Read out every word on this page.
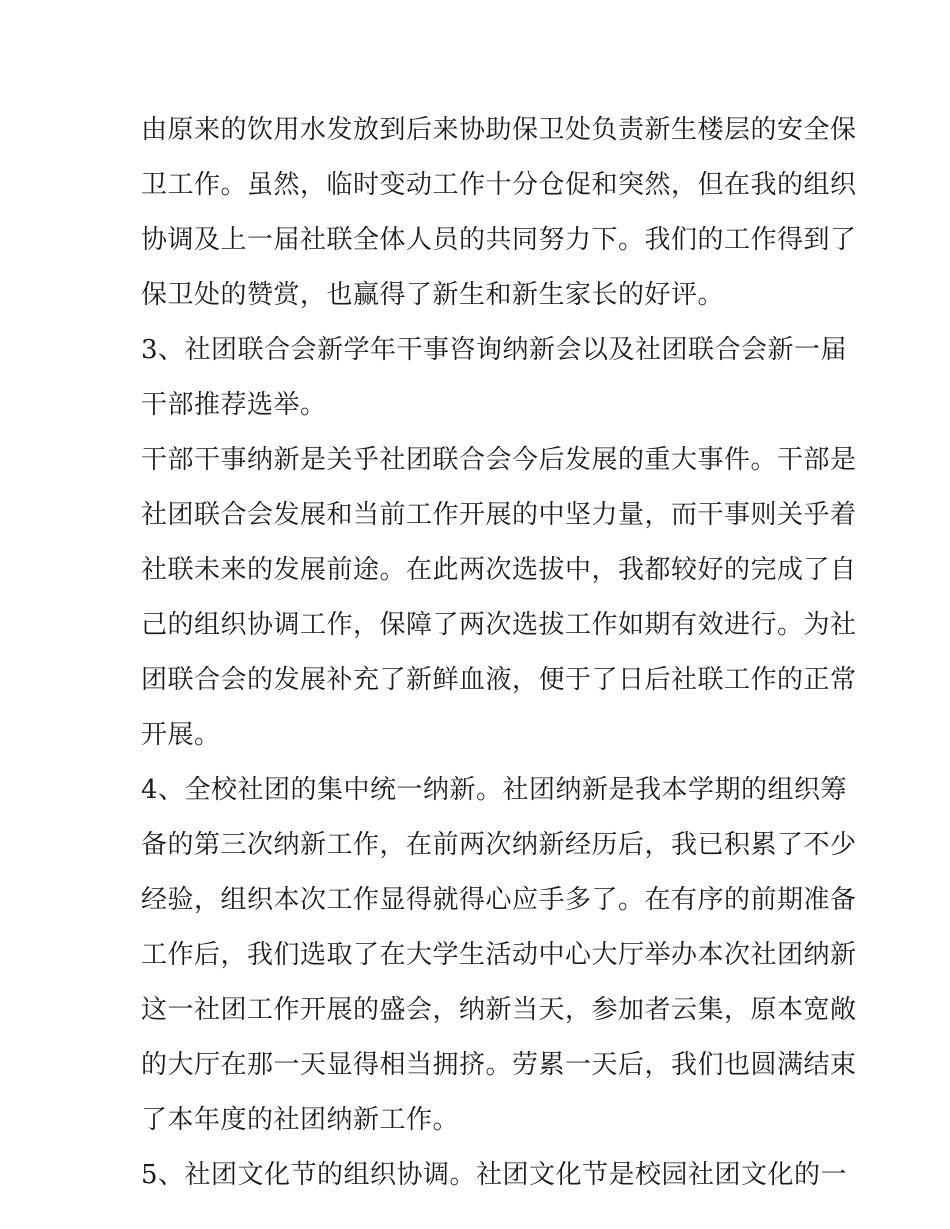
由原来的饮用水发放到后来协助保卫处负责新生楼层的安全保

卫工作。虽然，临时变动工作十分仓促和突然，但在我的组织

协调及上一届社联全体人员的共同努力下。我们的工作得到了

保卫处的赞赏，也赢得了新生和新生家长的好评。

3、社团联合会新学年干事咨询纳新会以及社团联合会新一届

干部推荐选举。

干部干事纳新是关乎社团联合会今后发展的重大事件。干部是

社团联合会发展和当前工作开展的中坚力量，而干事则关乎着

社联未来的发展前途。在此两次选拔中，我都较好的完成了自

己的组织协调工作，保障了两次选拔工作如期有效进行。为社

团联合会的发展补充了新鲜血液，便于了日后社联工作的正常

开展。

4、全校社团的集中统一纳新。社团纳新是我本学期的组织筹

备的第三次纳新工作，在前两次纳新经历后，我已积累了不少

经验，组织本次工作显得就得心应手多了。在有序的前期准备

工作后，我们选取了在大学生活动中心大厅举办本次社团纳新

这一社团工作开展的盛会，纳新当天，参加者云集，原本宽敞

的大厅在那一天显得相当拥挤。劳累一天后，我们也圆满结束

了本年度的社团纳新工作。

5、社团文化节的组织协调。社团文化节是校园社团文化的一
